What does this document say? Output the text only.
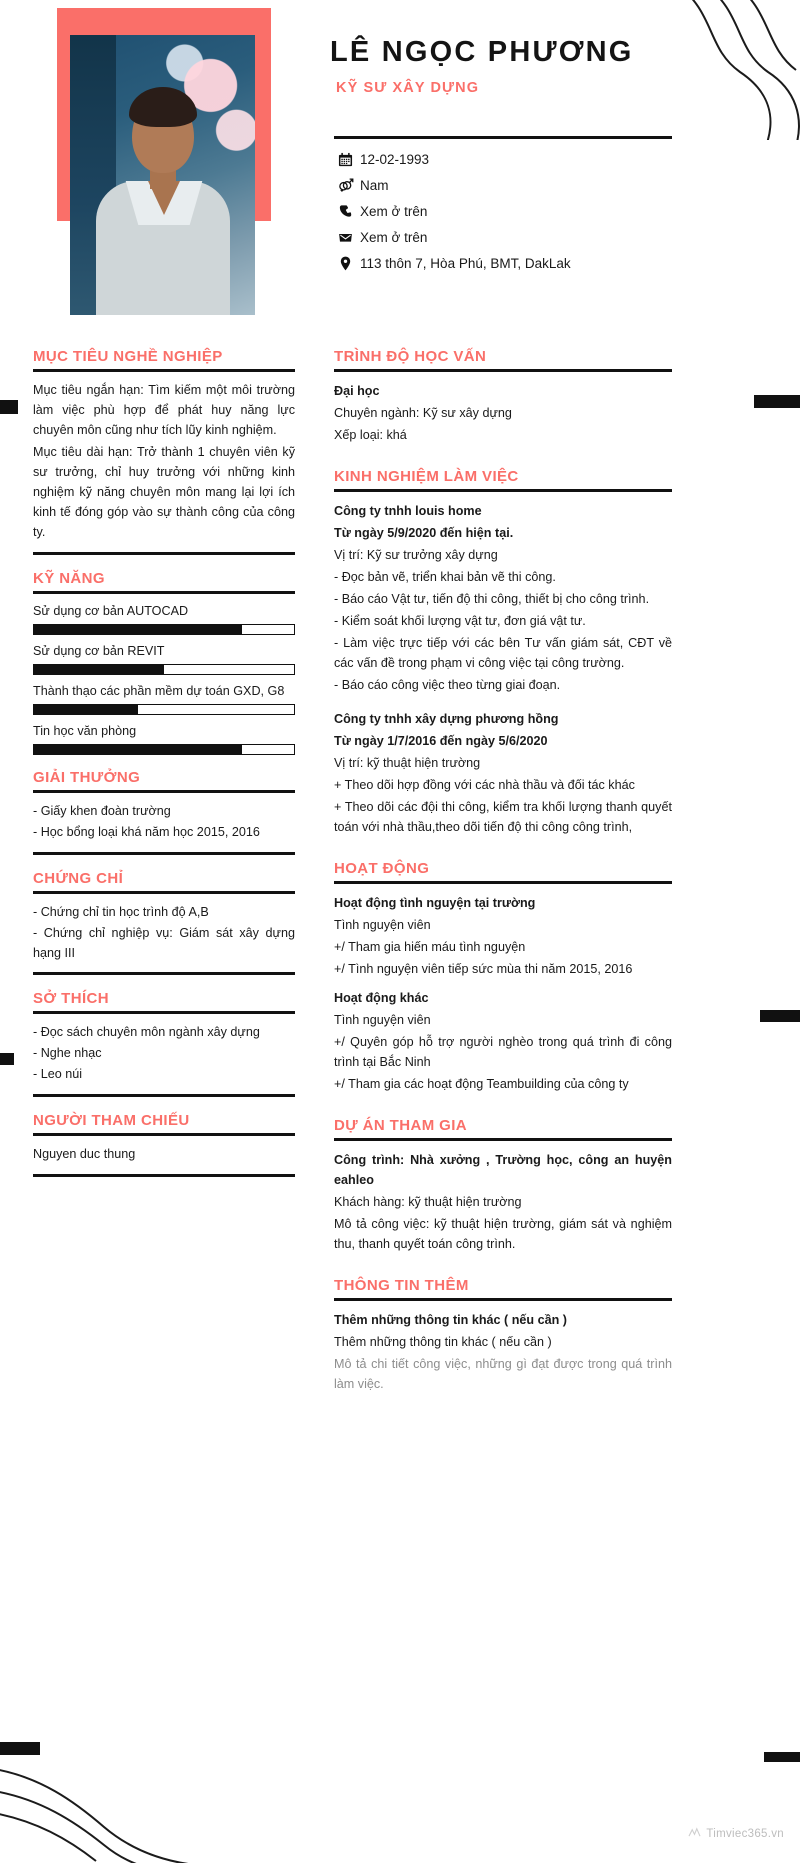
LÊ NGỌC PHƯƠNG
KỸ SƯ XÂY DỰNG
12-02-1993
Nam
Xem ở trên
Xem ở trên
113 thôn 7, Hòa Phú, BMT, DakLak
MỤC TIÊU NGHỀ NGHIỆP

Mục tiêu ngắn hạn: Tìm kiếm một môi trường làm việc phù hợp để phát huy năng lực chuyên môn cũng như tích lũy kinh nghiệm.

Mục tiêu dài hạn: Trở thành 1 chuyên viên kỹ sư trưởng, chỉ huy trưởng với những kinh nghiệm kỹ năng chuyên môn mang lại lợi ích kinh tế đóng góp vào sự thành công của công ty.

KỸ NĂNG
Sử dụng cơ bản AUTOCAD
Sử dụng cơ bản REVIT
Thành thạo các phần mềm dự toán GXD, G8
Tin học văn phòng
GIẢI THƯỞNG

- Giấy khen đoàn trường

- Học bổng loại khá năm học 2015, 2016

CHỨNG CHỈ

- Chứng chỉ tin học trình độ A,B

- Chứng chỉ nghiệp vụ: Giám sát xây dựng hạng III

SỞ THÍCH

- Đọc sách chuyên môn ngành xây dựng

- Nghe nhạc

- Leo núi

NGƯỜI THAM CHIẾU

Nguyen duc thung

TRÌNH ĐỘ HỌC VẤN

Đại học

Chuyên ngành: Kỹ sư xây dựng

Xếp loại: khá

KINH NGHIỆM LÀM VIỆC

Công ty tnhh louis home

Từ ngày 5/9/2020 đến hiện tại.

Vị trí: Kỹ sư trưởng xây dựng

- Đọc bản vẽ, triển khai bản vẽ thi công.

- Báo cáo Vật tư, tiến độ thi công, thiết bị cho công trình.

- Kiểm soát khối lượng vật tư, đơn giá vật tư.

- Làm việc trực tiếp với các bên Tư vấn giám sát, CĐT về các vấn đề trong phạm vi công việc tại công trường.

- Báo cáo công việc theo từng giai đoạn.

Công ty tnhh xây dựng phương hồng

Từ ngày 1/7/2016 đến ngày 5/6/2020

Vị trí: kỹ thuật hiện trường

+ Theo dõi hợp đồng với các nhà thầu và đối tác khác

+ Theo dõi các đội thi công, kiểm tra khối lượng thanh quyết toán với nhà thầu,theo dõi tiến độ thi công công trình,

HOẠT ĐỘNG

Hoạt động tình nguyện tại trường

Tình nguyện viên

+/ Tham gia hiến máu tình nguyện

+/ Tình nguyện viên tiếp sức mùa thi năm 2015, 2016

Hoạt động khác

Tình nguyện viên

+/ Quyên góp hỗ trợ người nghèo trong quá trình đi công trình tại Bắc Ninh

+/ Tham gia các hoạt động Teambuilding của công ty

DỰ ÁN THAM GIA

Công trình: Nhà xưởng , Trường học, công an huyện eahleo

Khách hàng: kỹ thuật hiện trường

Mô tả công việc: kỹ thuật hiện trường, giám sát và nghiệm thu, thanh quyết toán công trình.

THÔNG TIN THÊM

Thêm những thông tin khác ( nếu cần )

Thêm những thông tin khác ( nếu cần )

Mô tả chi tiết công việc, những gì đạt được trong quá trình làm việc.

Timviec365.vn
